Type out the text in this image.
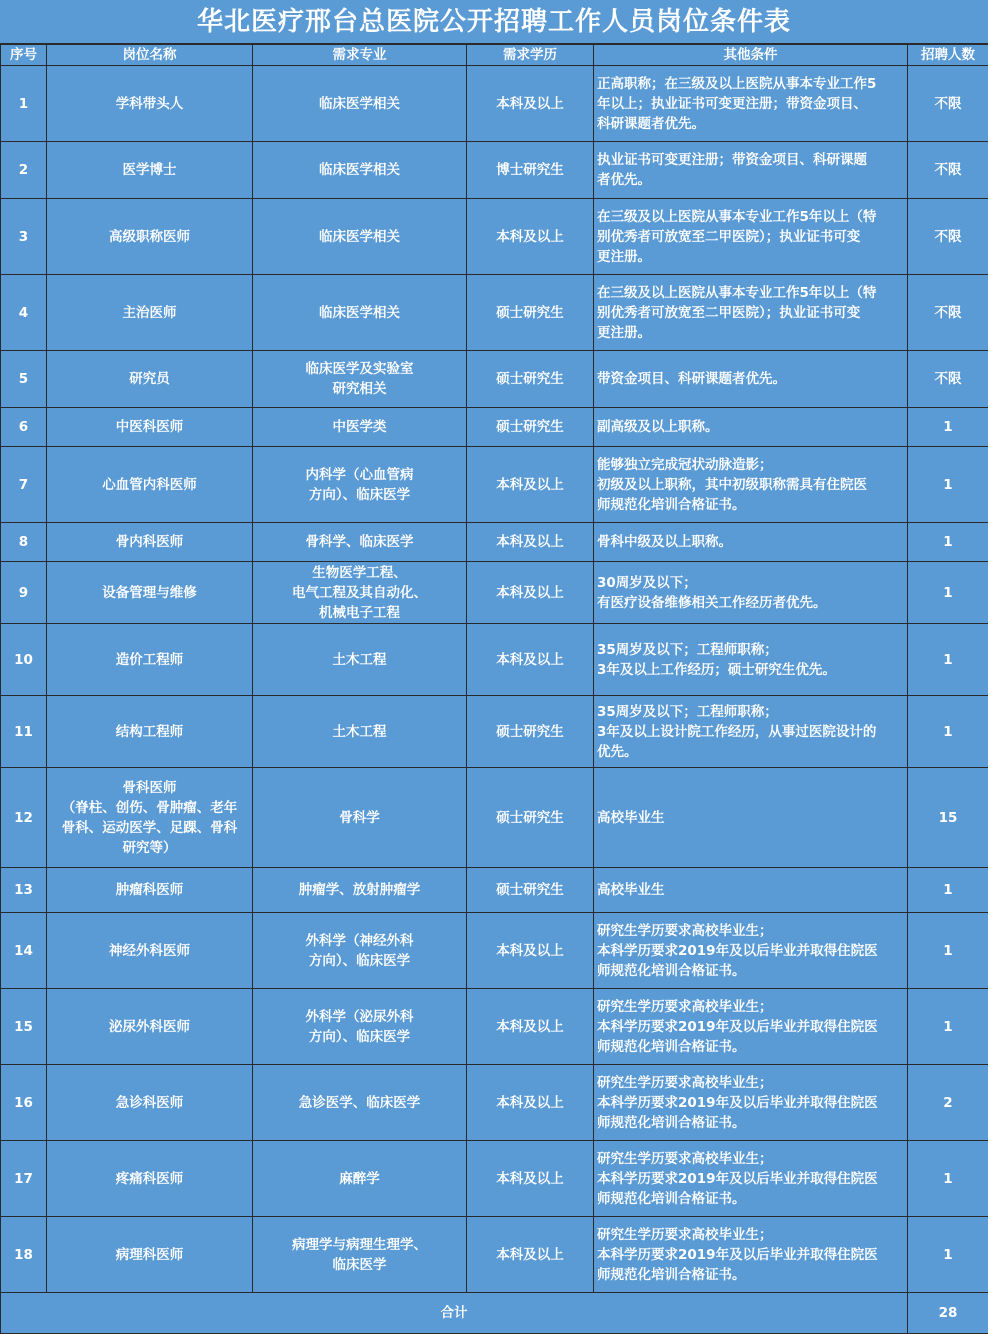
华北医疗邢台总医院公开招聘工作人员岗位条件表
序号	岗位名称	需求专业	需求学历	其他条件	招聘人数
1	学科带头人	临床医学相关	本科及以上	正高职称；在三级及以上医院从事本专业工作5
年以上；执业证书可变更注册；带资金项目、
科研课题者优先。	不限
2	医学博士	临床医学相关	博士研究生	执业证书可变更注册；带资金项目、科研课题
者优先。	不限
3	高级职称医师	临床医学相关	本科及以上	在三级及以上医院从事本专业工作5年以上（特
别优秀者可放宽至二甲医院）；执业证书可变
更注册。	不限
4	主治医师	临床医学相关	硕士研究生	在三级及以上医院从事本专业工作5年以上（特
别优秀者可放宽至二甲医院）；执业证书可变
更注册。	不限
5	研究员	临床医学及实验室
研究相关	硕士研究生	带资金项目、科研课题者优先。	不限
6	中医科医师	中医学类	硕士研究生	副高级及以上职称。	1
7	心血管内科医师	内科学（心血管病
方向）、临床医学	本科及以上	能够独立完成冠状动脉造影；
初级及以上职称，其中初级职称需具有住院医
师规范化培训合格证书。	1
8	骨内科医师	骨科学、临床医学	本科及以上	骨科中级及以上职称。	1
9	设备管理与维修	生物医学工程、
电气工程及其自动化、
机械电子工程	本科及以上	30周岁及以下；
有医疗设备维修相关工作经历者优先。	1
10	造价工程师	土木工程	本科及以上	35周岁及以下；工程师职称；
3年及以上工作经历；硕士研究生优先。	1
11	结构工程师	土木工程	硕士研究生	35周岁及以下；工程师职称；
3年及以上设计院工作经历，从事过医院设计的
优先。	1
12	骨科医师
（脊柱、创伤、骨肿瘤、老年
骨科、运动医学、足踝、骨科
研究等）	骨科学	硕士研究生	高校毕业生	15
13	肿瘤科医师	肿瘤学、放射肿瘤学	硕士研究生	高校毕业生	1
14	神经外科医师	外科学（神经外科
方向）、临床医学	本科及以上	研究生学历要求高校毕业生；
本科学历要求2019年及以后毕业并取得住院医
师规范化培训合格证书。	1
15	泌尿外科医师	外科学（泌尿外科
方向）、临床医学	本科及以上	研究生学历要求高校毕业生；
本科学历要求2019年及以后毕业并取得住院医
师规范化培训合格证书。	1
16	急诊科医师	急诊医学、临床医学	本科及以上	研究生学历要求高校毕业生；
本科学历要求2019年及以后毕业并取得住院医
师规范化培训合格证书。	2
17	疼痛科医师	麻醉学	本科及以上	研究生学历要求高校毕业生；
本科学历要求2019年及以后毕业并取得住院医
师规范化培训合格证书。	1
18	病理科医师	病理学与病理生理学、
临床医学	本科及以上	研究生学历要求高校毕业生；
本科学历要求2019年及以后毕业并取得住院医
师规范化培训合格证书。	1
合计					28
